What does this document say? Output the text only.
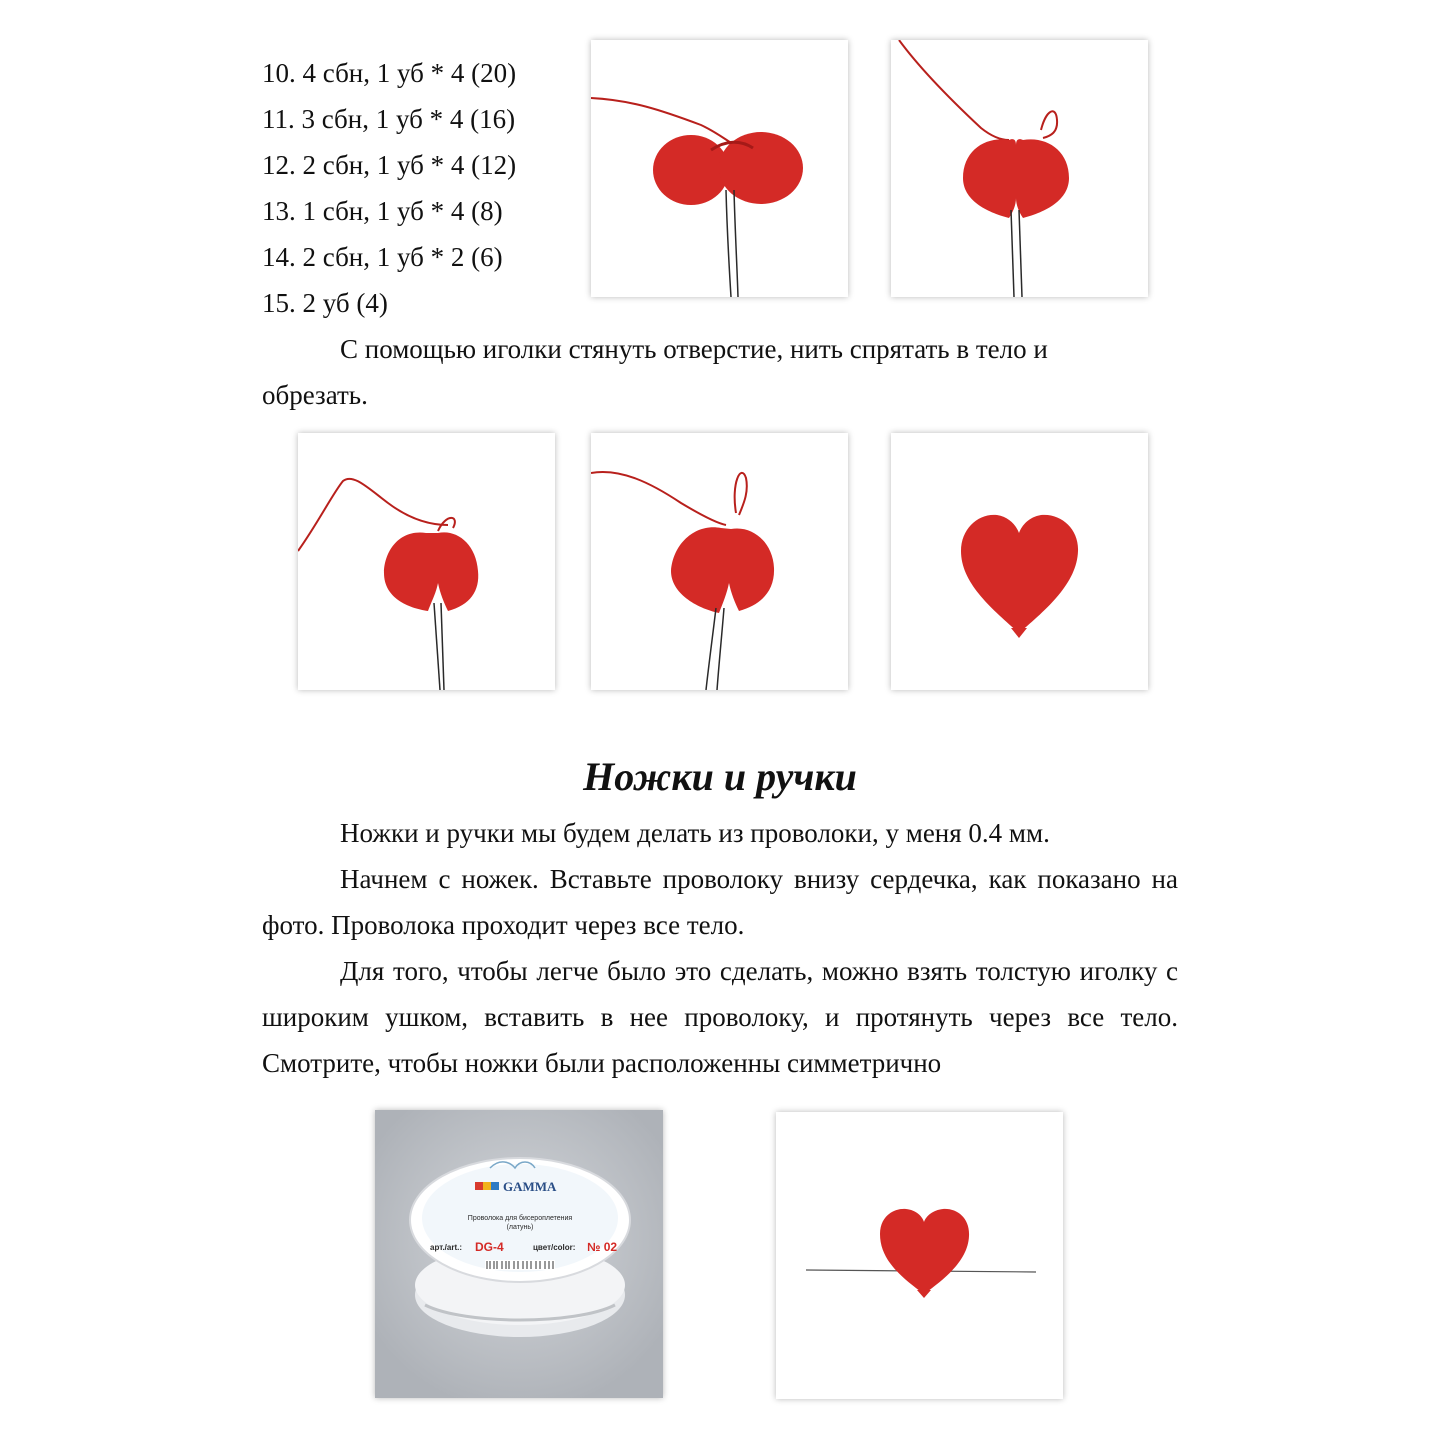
10. 4 сбн, 1 уб * 4 (20)
11. 3 сбн, 1 уб * 4 (16)
12. 2 сбн, 1 уб * 4 (12)
13. 1 сбн, 1 уб * 4 (8)
14. 2 сбн, 1 уб * 2 (6)
15. 2 уб (4)

С помощью иголки стянуть отверстие, нить спрятать в тело и

обрезать.

Ножки и ручки

Ножки и ручки мы будем делать из проволоки, у меня 0.4 мм.

Начнем с ножек. Вставьте проволоку внизу сердечка, как показано на фото. Проволока проходит через все тело.

Для того, чтобы легче было это сделать, можно взять толстую иголку с широким ушком, вставить в нее проволоку, и протянуть через все тело. Смотрите, чтобы ножки были расположенны симметрично

GAMMA
Проволока для бисероплетения
(латунь)
арт./art.: DG-4	цвет/color: № 02
